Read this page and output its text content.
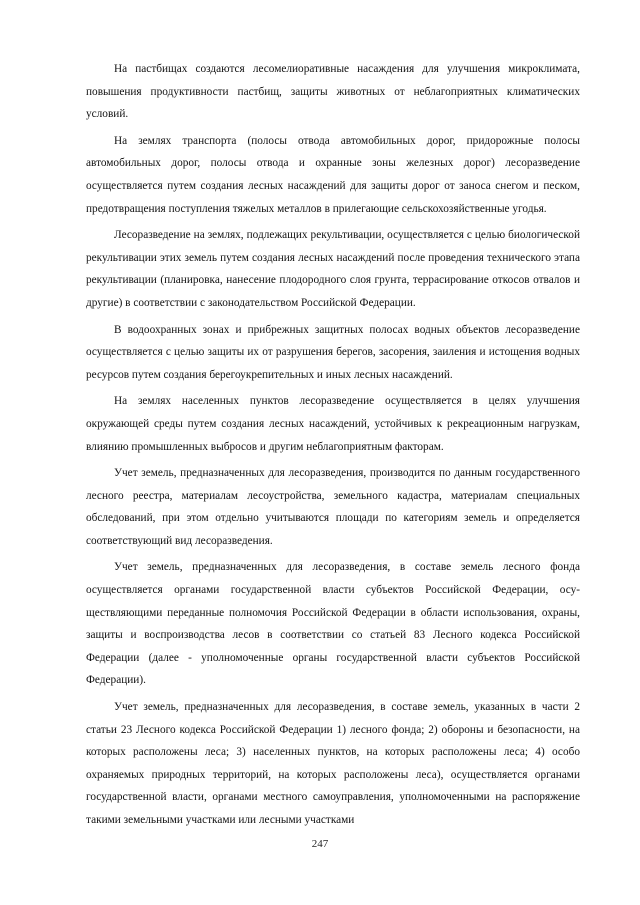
На пастбищах создаются лесомелиоративные насаждения для улучшения микроклимата, повышения продуктивности пастбищ, защиты животных от неблагоприятных климатических условий.

На землях транспорта (полосы отвода автомобильных дорог, придорожные полосы автомобильных дорог, полосы отвода и охранные зоны железных дорог) лесоразведение осуществляется путем создания лесных насаждений для защиты дорог от заноса снегом и песком, предотвращения поступления тяжелых металлов в прилегающие сельскохозяйственные угодья.

Лесоразведение на землях, подлежащих рекультивации, осуществляется с целью биологической рекультивации этих земель путем создания лесных насаждений после проведения технического этапа рекультивации (планировка, нанесение плодородного слоя грунта, террасирование откосов отвалов и другие) в соответствии с законодательством Российской Федерации.

В водоохранных зонах и прибрежных защитных полосах водных объектов лесоразведение осуществляется с целью защиты их от разрушения берегов, засорения, заиления и истощения водных ресурсов путем создания берегоукрепительных и иных лесных насаждений.

На землях населенных пунктов лесоразведение осуществляется в целях улучшения окружающей среды путем создания лесных насаждений, устойчивых к рекреационным нагрузкам, влиянию промышленных выбросов и другим неблагоприятным факторам.

Учет земель, предназначенных для лесоразведения, производится по данным государственного лесного реестра, материалам лесоустройства, земельного кадастра, материалам специальных обследований, при этом отдельно учитываются площади по категориям земель и определяется соответствующий вид лесоразведения.

Учет земель, предназначенных для лесоразведения, в составе земель лесного фонда осуществляется органами государственной власти субъектов Российской Федерации, осуществляющими переданные полномочия Российской Федерации в области использования, охраны, защиты и воспроизводства лесов в соответствии со статьей 83 Лесного кодекса Российской Федерации (далее - уполномоченные органы государственной власти субъектов Российской Федерации).

Учет земель, предназначенных для лесоразведения, в составе земель, указанных в части 2 статьи 23 Лесного кодекса Российской Федерации 1) лесного фонда; 2) обороны и безопасности, на которых расположены леса; 3) населенных пунктов, на которых расположены леса; 4) особо охраняемых природных территорий, на которых расположены леса), осуществляется органами государственной власти, органами местного самоуправления, уполномоченными на распоряжение такими земельными участками или лесными участками

247
